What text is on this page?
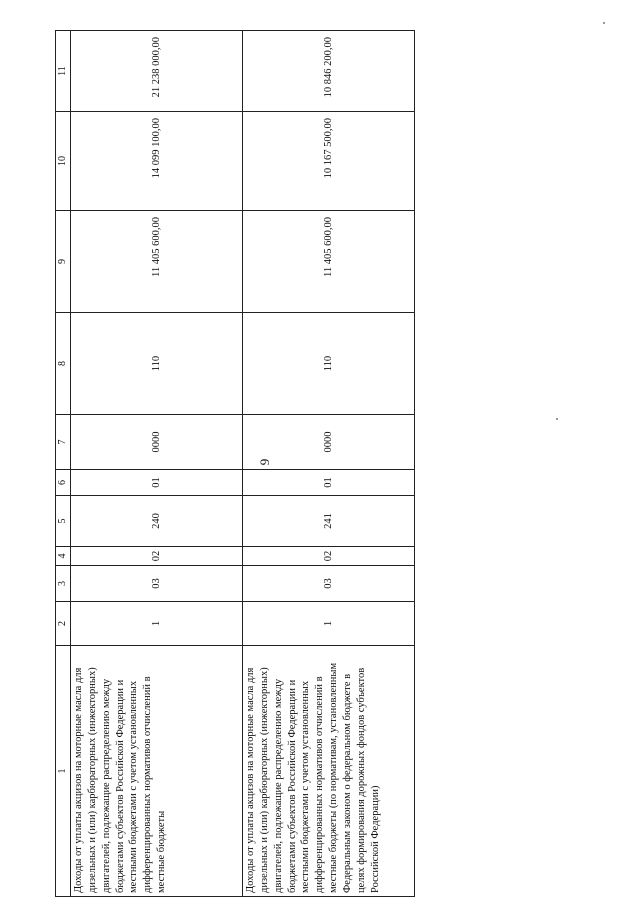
9
1	2	3	4	5	6	7	8	9	10	11
Доходы от уплаты акцизов на моторные масла для дизельных и (или) карбюраторных (инжекторных) двигателей, подлежащие распределению между бюджетами субъектов Российской Федерации и местными бюджетами с учетом установленных дифференцированных нормативов отчислений в местные бюджеты	1	03	02	240	01	0000	110	11 405 600,00	14 099 100,00	21 238 000,00
Доходы от уплаты акцизов на моторные масла для дизельных и (или) карбюраторных (инжекторных) двигателей, подлежащие распределению между бюджетами субъектов Российской Федерации и местными бюджетами с учетом установленных дифференцированных нормативов отчислений в местные бюджеты (по нормативам, установленным Федеральным законом о федеральном бюджете в целях формирования дорожных фондов субъектов Российской Федерации)	1	03	02	241	01	0000	110	11 405 600,00	10 167 500,00	10 846 200,00
